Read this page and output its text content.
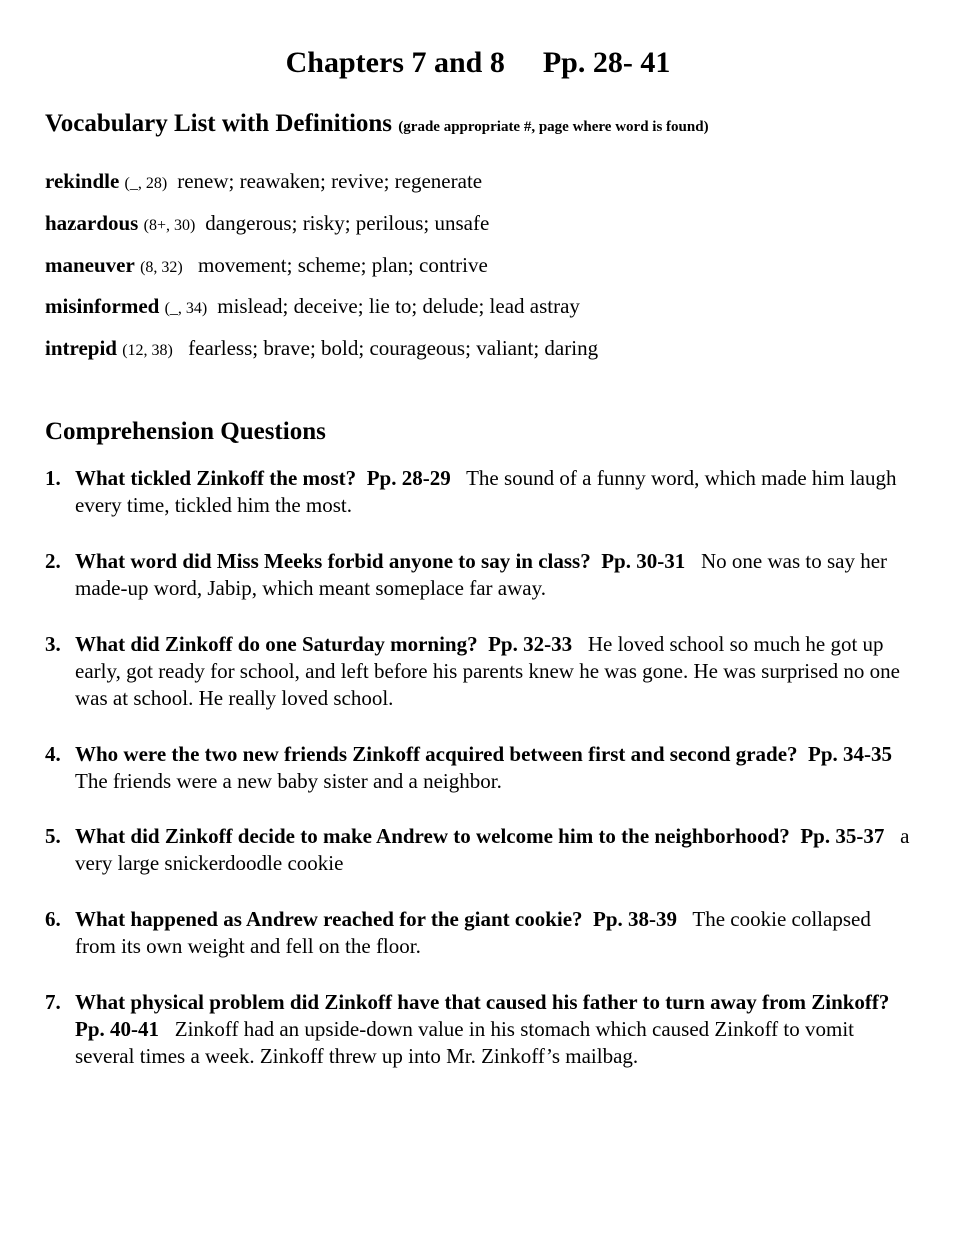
Chapters 7 and 8 Pp. 28- 41
Vocabulary List with Definitions (grade appropriate #, page where word is found)
rekindle (_, 28) renew; reawaken; revive; regenerate
hazardous (8+, 30) dangerous; risky; perilous; unsafe
maneuver (8, 32) movement; scheme; plan; contrive
misinformed (_, 34) mislead; deceive; lie to; delude; lead astray
intrepid (12, 38) fearless; brave; bold; courageous; valiant; daring
Comprehension Questions
1. What tickled Zinkoff the most? Pp. 28-29 The sound of a funny word, which made him laugh every time, tickled him the most.
2. What word did Miss Meeks forbid anyone to say in class? Pp. 30-31 No one was to say her made-up word, Jabip, which meant someplace far away.
3. What did Zinkoff do one Saturday morning? Pp. 32-33 He loved school so much he got up early, got ready for school, and left before his parents knew he was gone. He was surprised no one was at school. He really loved school.
4. Who were the two new friends Zinkoff acquired between first and second grade? Pp. 34-35   The friends were a new baby sister and a neighbor.
5. What did Zinkoff decide to make Andrew to welcome him to the neighborhood? Pp. 35-37 a very large snickerdoodle cookie
6. What happened as Andrew reached for the giant cookie? Pp. 38-39 The cookie collapsed from its own weight and fell on the floor.
7. What physical problem did Zinkoff have that caused his father to turn away from Zinkoff?  Pp. 40-41 Zinkoff had an upside-down value in his stomach which caused Zinkoff to vomit several times a week. Zinkoff threw up into Mr. Zinkoff’s mailbag.
